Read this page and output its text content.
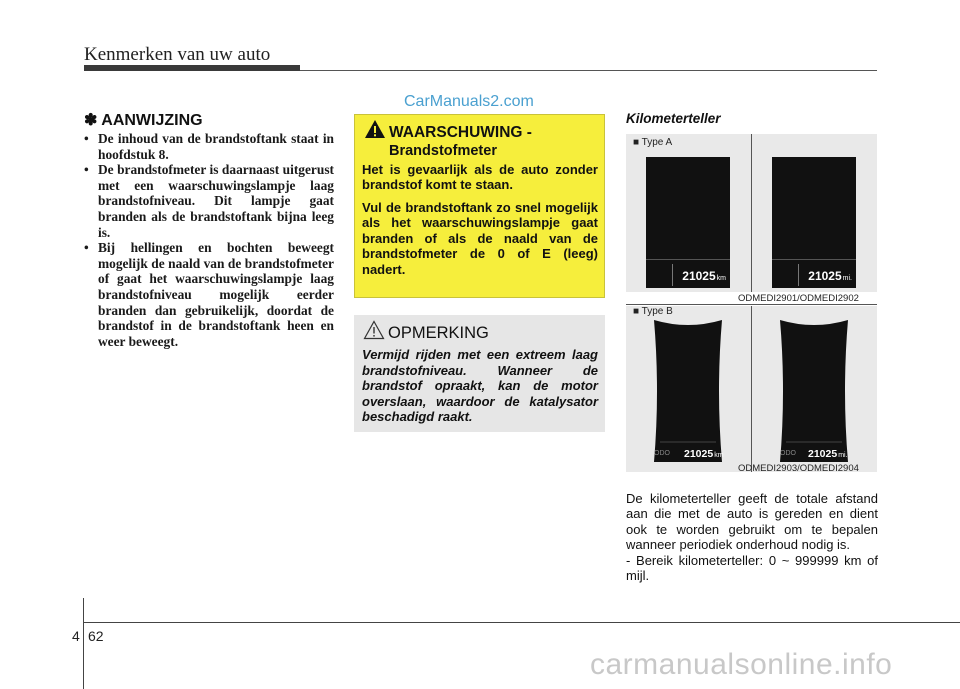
Kenmerken van uw auto
CarManuals2.com
✽ AANWIJZING
• De inhoud van de brandstoftank staat in hoofdstuk 8.
• De brandstofmeter is daarnaast uitgerust met een waarschuwingslampje laag brandstofniveau. Dit lampje gaat branden als de brandstoftank bijna leeg is.
• Bij hellingen en bochten beweegt mogelijk de naald van de brandstofmeter of gaat het waarschuwingslampje laag brandstofniveau mogelijk eerder branden dan gebruikelijk, doordat de brandstof in de brandstoftank heen en weer beweegt.
WAARSCHUWING -
Brandstofmeter
Het is gevaarlijk als de auto zonder brandstof komt te staan.
Vul de brandstoftank zo snel mogelijk als het waarschuwingslampje gaat branden of als de naald van de brandstofmeter de 0 of E (leeg) nadert.
OPMERKING
Vermijd rijden met een extreem laag brandstofniveau. Wanneer de brandstof opraakt, kan de motor overslaan, waardoor de katalysator beschadigd raakt.
Kilometerteller
■ Type A
21025km	21025mi.
ODMEDI2901/ODMEDI2902
■ Type B
ODO 21025km	ODO 21025mi.
ODMEDI2903/ODMEDI2904
De kilometerteller geeft de totale afstand aan die met de auto is gereden en dient ook te worden gebruikt om te bepalen wanneer periodiek onderhoud nodig is.
- Bereik kilometerteller: 0 ~ 999999 km of mijl.
4 62
carmanualsonline.info
